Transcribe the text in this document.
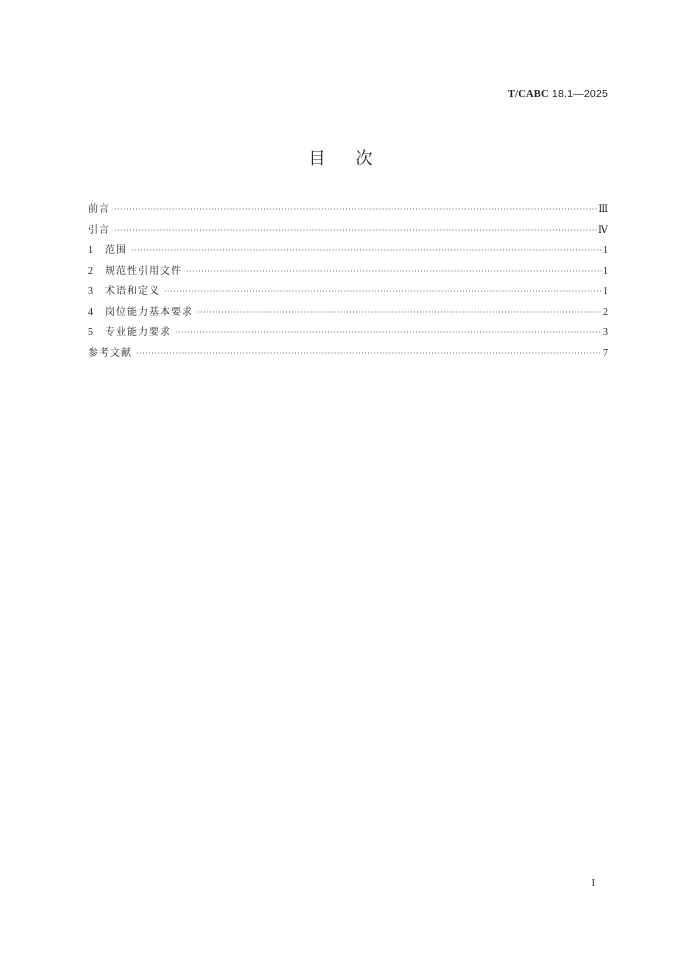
T/CABC 18.1—2025
目次
前言 ·····	Ⅲ
引言 ·····	Ⅳ
1	范围 ·····	1
2	规范性引用文件 ·····	1
3	术语和定义 ·····	1
4	岗位能力基本要求 ·····	2
5	专业能力要求 ·····	3
参考文献 ·····	7
I
